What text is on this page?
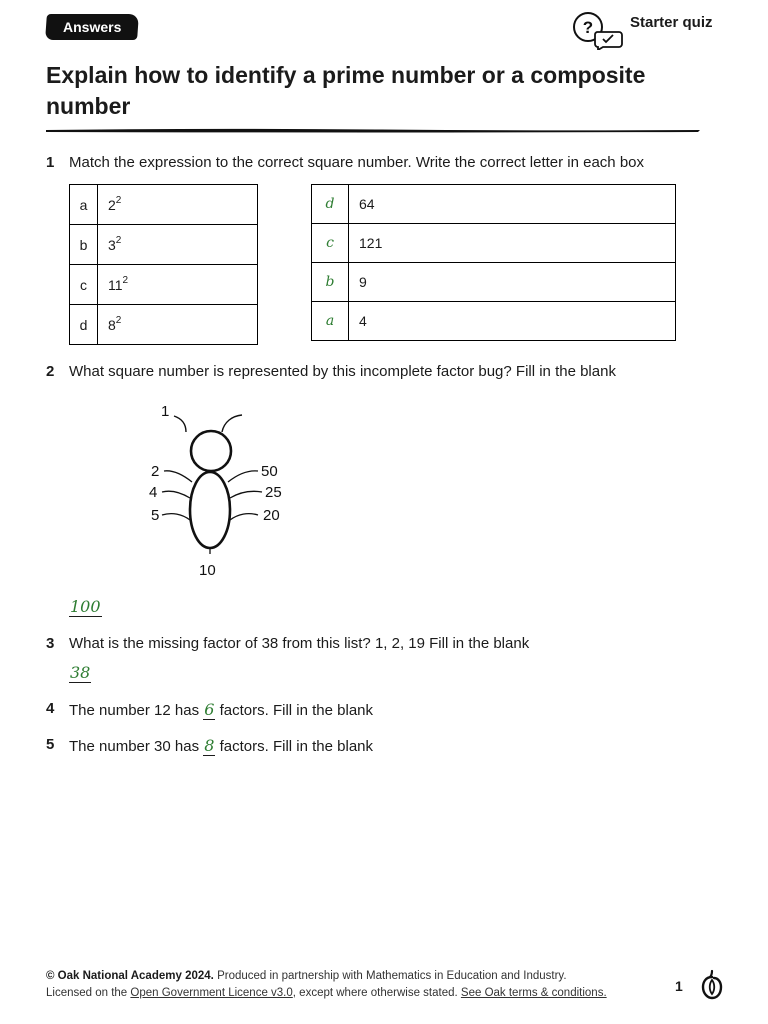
Answers	? Starter quiz
Explain how to identify a prime number or a composite number
1 Match the expression to the correct square number. Write the correct letter in each box
a	$2^2$
b	$3^2$
c	$11^2$
d	$8^2$
d	64
c	121
b	9
a	4
2 What square number is represented by this incomplete factor bug? Fill in the blank
1
2
4
5
50
25
20
10
100
3 What is the missing factor of 38 from this list? 1, 2, 19 Fill in the blank
38
4 The number 12 has 6 factors. Fill in the blank
5 The number 30 has 8 factors. Fill in the blank
© Oak National Academy 2024. Produced in partnership with Mathematics in Education and Industry.
Licensed on the Open Government Licence v3.0, except where otherwise stated. See Oak terms & conditions.	1
